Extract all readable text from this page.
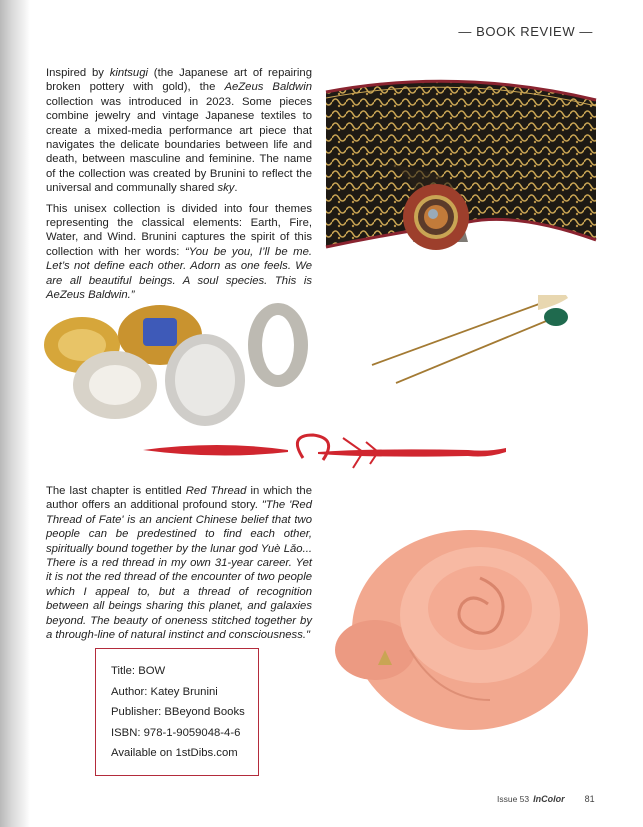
— BOOK REVIEW —

Inspired by kintsugi (the Japanese art of repairing broken pottery with gold), the AeZeus Baldwin collection was introduced in 2023. Some pieces combine jewelry and vintage Japanese textiles to create a mixed-media performance art piece that navigates the delicate boundaries between life and death, between masculine and feminine. The name of the collection was created by Brunini to reflect the universal and communally shared sky.

This unisex collection is divided into four themes representing the classical elements: Earth, Fire, Water, and Wind. Brunini captures the spirit of this collection with her words: “You be you, I’ll be me. Let’s not define each other. Adorn as one feels. We are all beautiful beings. A soul species. This is AeZeus Baldwin.”

The last chapter is entitled Red Thread in which the author offers an additional profound story. "The 'Red Thread of Fate' is an ancient Chinese belief that two people can be predestined to find each other, spiritually bound together by the lunar god Yuè Lǎo... There is a red thread in my own 31-year career. Yet it is not the red thread of the encounter of two people which I appeal to, but a thread of recognition between all beings sharing this planet, and galaxies beyond. The beauty of oneness stitched together by a through-line of natural instinct and consciousness."

Title: BOW
Author: Katey Brunini
Publisher: BBeyond Books
ISBN: 978-1-9059048-4-6
Available on 1stDibs.com
Issue 53 InColor 81
